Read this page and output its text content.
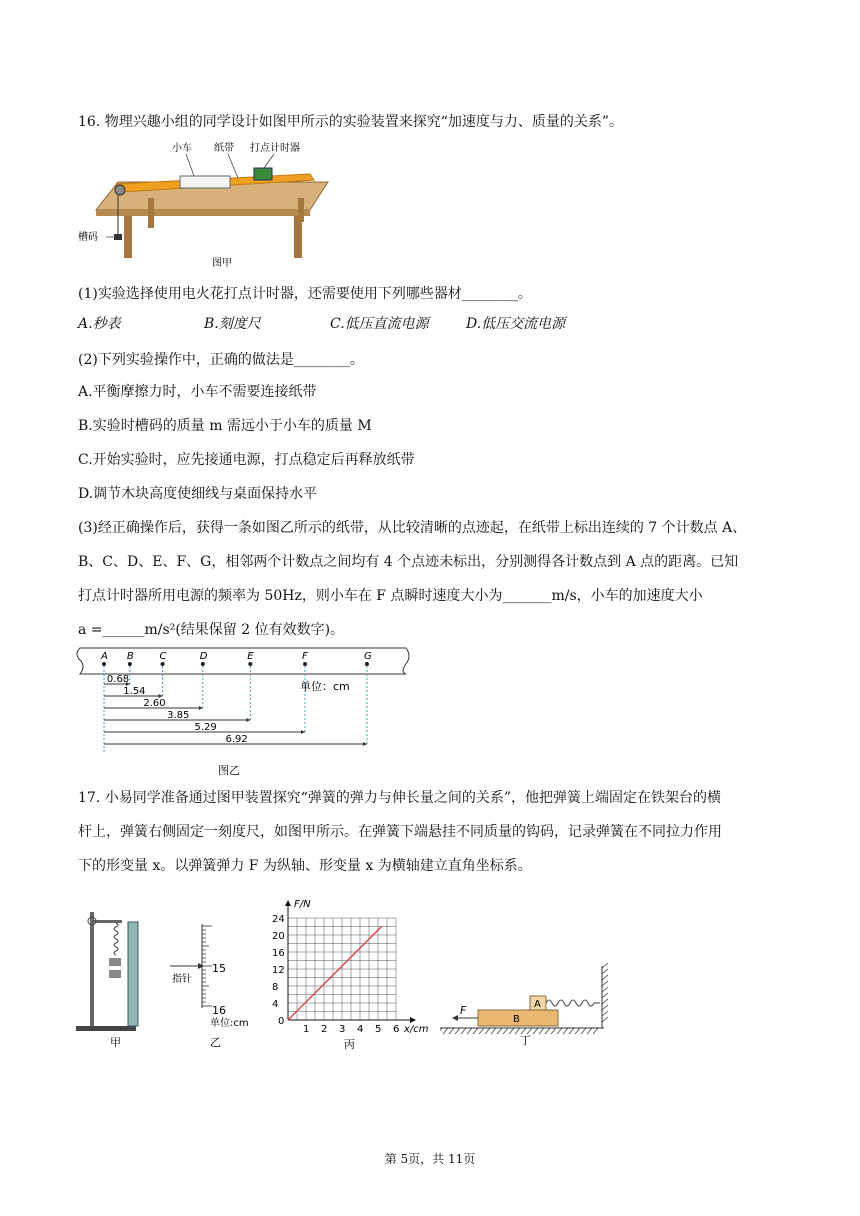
16. 物理兴趣小组的同学设计如图甲所示的实验装置来探究“加速度与力、质量的关系”。
小车 纸带 打点计时器
槽码
图甲
(1)实验选择使用电火花打点计时器，还需要使用下列哪些器材________。
A.秒表	B.刻度尺	C.低压直流电源	D.低压交流电源
(2)下列实验操作中，正确的做法是________。
A.平衡摩擦力时，小车不需要连接纸带
B.实验时槽码的质量 m 需远小于小车的质量 M
C.开始实验时，应先接通电源，打点稳定后再释放纸带
D.调节木块高度使细线与桌面保持水平
(3)经正确操作后，获得一条如图乙所示的纸带，从比较清晰的点迹起，在纸带上标出连续的 7 个计数点 A、
B、C、D、E、F、G，相邻两个计数点之间均有 4 个点迹未标出，分别测得各计数点到 A 点的距离。已知
打点计时器所用电源的频率为 50Hz，则小车在 F 点瞬时速度大小为_______m/s，小车的加速度大小
a =______m/s²(结果保留 2 位有效数字)。
A B	C	D	E	F	G
0.68
1.54
2.60
3.85
5.29
6.92
单位：cm
图乙
17. 小易同学准备通过图甲装置探究“弹簧的弹力与伸长量之间的关系”，他把弹簧上端固定在铁架台的横
杆上，弹簧右侧固定一刻度尺，如图甲所示。在弹簧下端悬挂不同质量的钩码，记录弹簧在不同拉力作用
下的形变量 x。以弹簧弹力 F 为纵轴、形变量 x 为横轴建立直角坐标系。
甲
指针
15
16
单位:cm
乙
4
8
12
16
20
24
1 2 3 4 5 6
F/N
x/cm
0
丙
F	A
B
丁
第 5页，共 11页
